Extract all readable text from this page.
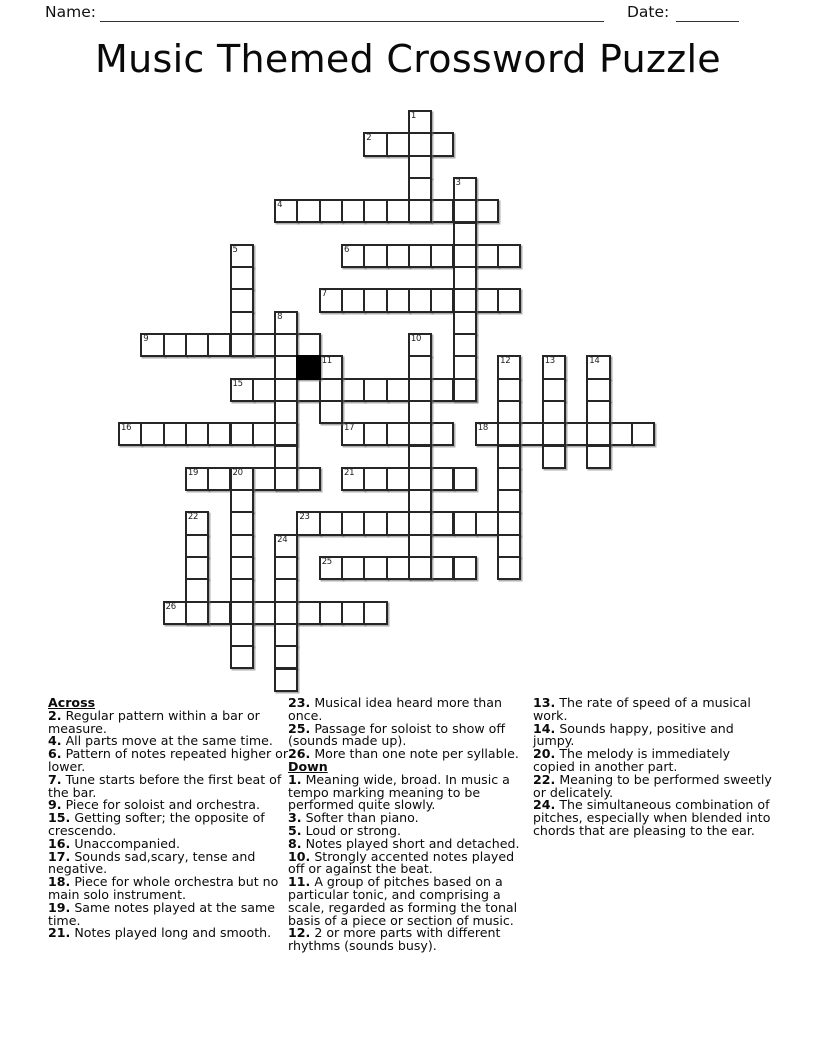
Name:	Date:
Music Themed Crossword Puzzle
2
4
6
7
9
15
16	17	18
19	21
23
25
26
1
3
5
8
10
11	12	13	14
20
22
24
Across
2. Regular pattern within a bar or measure.
4. All parts move at the same time.
6. Pattern of notes repeated higher or lower.
7. Tune starts before the first beat of the bar.
9. Piece for soloist and orchestra.
15. Getting softer; the opposite of crescendo.
16. Unaccompanied.
17. Sounds sad,scary, tense and negative.
18. Piece for whole orchestra but no main solo instrument.
19. Same notes played at the same time.
21. Notes played long and smooth.
23. Musical idea heard more than once.
25. Passage for soloist to show off (sounds made up).
26. More than one note per syllable.
Down
1. Meaning wide, broad. In music a tempo marking meaning to be performed quite slowly.
3. Softer than piano.
5. Loud or strong.
8. Notes played short and detached.
10. Strongly accented notes played off or against the beat.
11. A group of pitches based on a particular tonic, and comprising a scale, regarded as forming the tonal basis of a piece or section of music.
12. 2 or more parts with different rhythms (sounds busy).
13. The rate of speed of a musical work.
14. Sounds happy, positive and jumpy.
20. The melody is immediately copied in another part.
22. Meaning to be performed sweetly or delicately.
24. The simultaneous combination of pitches, especially when blended into chords that are pleasing to the ear.
